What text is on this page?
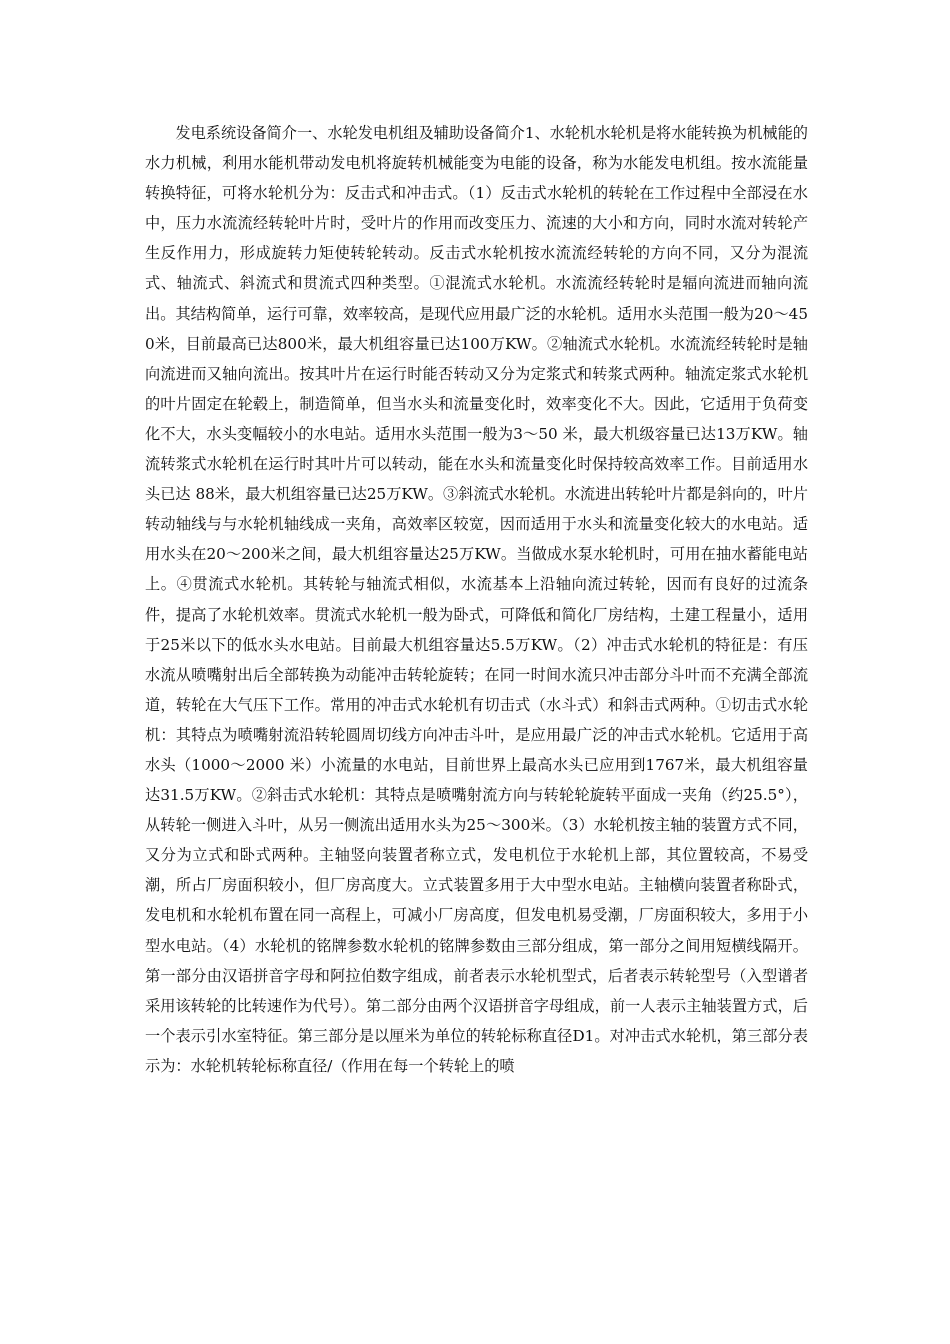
发电系统设备简介一、水轮发电机组及辅助设备简介1、水轮机水轮机是将水能转换为机械能的水力机械，利用水能机带动发电机将旋转机械能变为电能的设备，称为水能发电机组。按水流能量转换特征，可将水轮机分为：反击式和冲击式。（1）反击式水轮机的转轮在工作过程中全部浸在水中，压力水流流经转轮叶片时，受叶片的作用而改变压力、流速的大小和方向，同时水流对转轮产生反作用力，形成旋转力矩使转轮转动。反击式水轮机按水流流经转轮的方向不同，又分为混流式、轴流式、斜流式和贯流式四种类型。①混流式水轮机。水流流经转轮时是辐向流进而轴向流出。其结构简单，运行可靠，效率较高，是现代应用最广泛的水轮机。适用水头范围一般为20～450米，目前最高已达800米，最大机组容量已达100万KW。②轴流式水轮机。水流流经转轮时是轴向流进而又轴向流出。按其叶片在运行时能否转动又分为定浆式和转浆式两种。轴流定浆式水轮机的叶片固定在轮毂上，制造简单，但当水头和流量变化时，效率变化不大。因此，它适用于负荷变化不大，水头变幅较小的水电站。适用水头范围一般为3～50 米，最大机级容量已达13万KW。轴流转浆式水轮机在运行时其叶片可以转动，能在水头和流量变化时保持较高效率工作。目前适用水头已达 88米，最大机组容量已达25万KW。③斜流式水轮机。水流进出转轮叶片都是斜向的，叶片转动轴线与与水轮机轴线成一夹角，高效率区较宽，因而适用于水头和流量变化较大的水电站。适用水头在20～200米之间，最大机组容量达25万KW。当做成水泵水轮机时，可用在抽水蓄能电站上。④贯流式水轮机。其转轮与轴流式相似，水流基本上沿轴向流过转轮，因而有良好的过流条件，提高了水轮机效率。贯流式水轮机一般为卧式，可降低和简化厂房结构，土建工程量小，适用于25米以下的低水头水电站。目前最大机组容量达5.5万KW。（2）冲击式水轮机的特征是：有压水流从喷嘴射出后全部转换为动能冲击转轮旋转；在同一时间水流只冲击部分斗叶而不充满全部流道，转轮在大气压下工作。常用的冲击式水轮机有切击式（水斗式）和斜击式两种。①切击式水轮机：其特点为喷嘴射流沿转轮圆周切线方向冲击斗叶，是应用最广泛的冲击式水轮机。它适用于高水头（1000～2000 米）小流量的水电站，目前世界上最高水头已应用到1767米，最大机组容量达31.5万KW。②斜击式水轮机：其特点是喷嘴射流方向与转轮轮旋转平面成一夹角（约25.5°），从转轮一侧进入斗叶，从另一侧流出适用水头为25～300米。（3）水轮机按主轴的装置方式不同，又分为立式和卧式两种。主轴竖向装置者称立式，发电机位于水轮机上部，其位置较高，不易受潮，所占厂房面积较小，但厂房高度大。立式装置多用于大中型水电站。主轴横向装置者称卧式，发电机和水轮机布置在同一高程上，可减小厂房高度，但发电机易受潮，厂房面积较大，多用于小型水电站。（4）水轮机的铭牌参数水轮机的铭牌参数由三部分组成，第一部分之间用短横线隔开。第一部分由汉语拼音字母和阿拉伯数字组成，前者表示水轮机型式，后者表示转轮型号（入型谱者采用该转轮的比转速作为代号）。第二部分由两个汉语拼音字母组成，前一人表示主轴装置方式，后一个表示引水室特征。第三部分是以厘米为单位的转轮标称直径D1。对冲击式水轮机，第三部分表示为：水轮机转轮标称直径/（作用在每一个转轮上的喷
